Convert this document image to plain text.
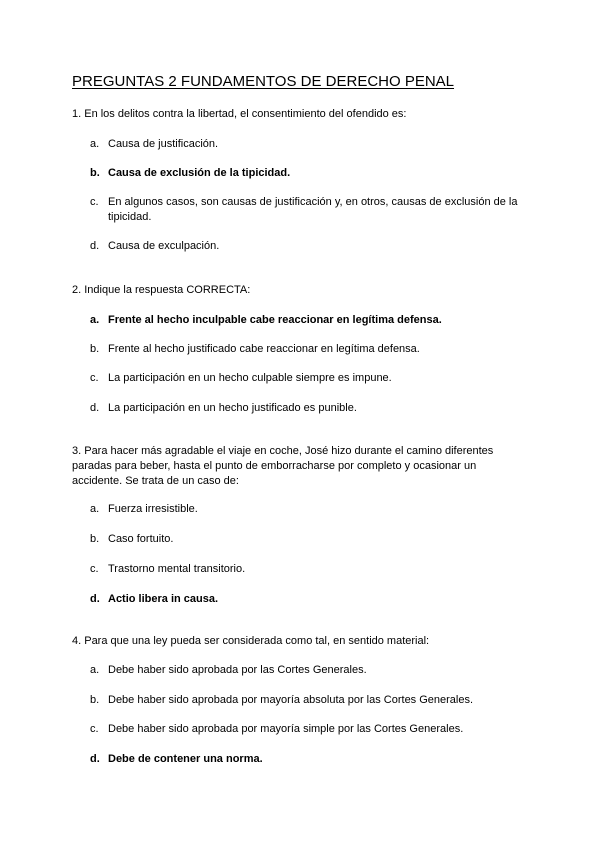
PREGUNTAS 2 FUNDAMENTOS DE DERECHO PENAL

1. En los delitos contra la libertad, el consentimiento del ofendido es:

a. Causa de justificación.
b. Causa de exclusión de la tipicidad.
c. En algunos casos, son causas de justificación y, en otros, causas de exclusión de la tipicidad.
d. Causa de exculpación.

2. Indique la respuesta CORRECTA:

a. Frente al hecho inculpable cabe reaccionar en legítima defensa.
b. Frente al hecho justificado cabe reaccionar en legítima defensa.
c. La participación en un hecho culpable siempre es impune.
d. La participación en un hecho justificado es punible.

3. Para hacer más agradable el viaje en coche, José hizo durante el camino diferentes paradas para beber, hasta el punto de emborracharse por completo y ocasionar un accidente. Se trata de un caso de:

a. Fuerza irresistible.
b. Caso fortuito.
c. Trastorno mental transitorio.
d. Actio libera in causa.

4. Para que una ley pueda ser considerada como tal, en sentido material:

a. Debe haber sido aprobada por las Cortes Generales.
b. Debe haber sido aprobada por mayoría absoluta por las Cortes Generales.
c. Debe haber sido aprobada por mayoría simple por las Cortes Generales.
d. Debe de contener una norma.
